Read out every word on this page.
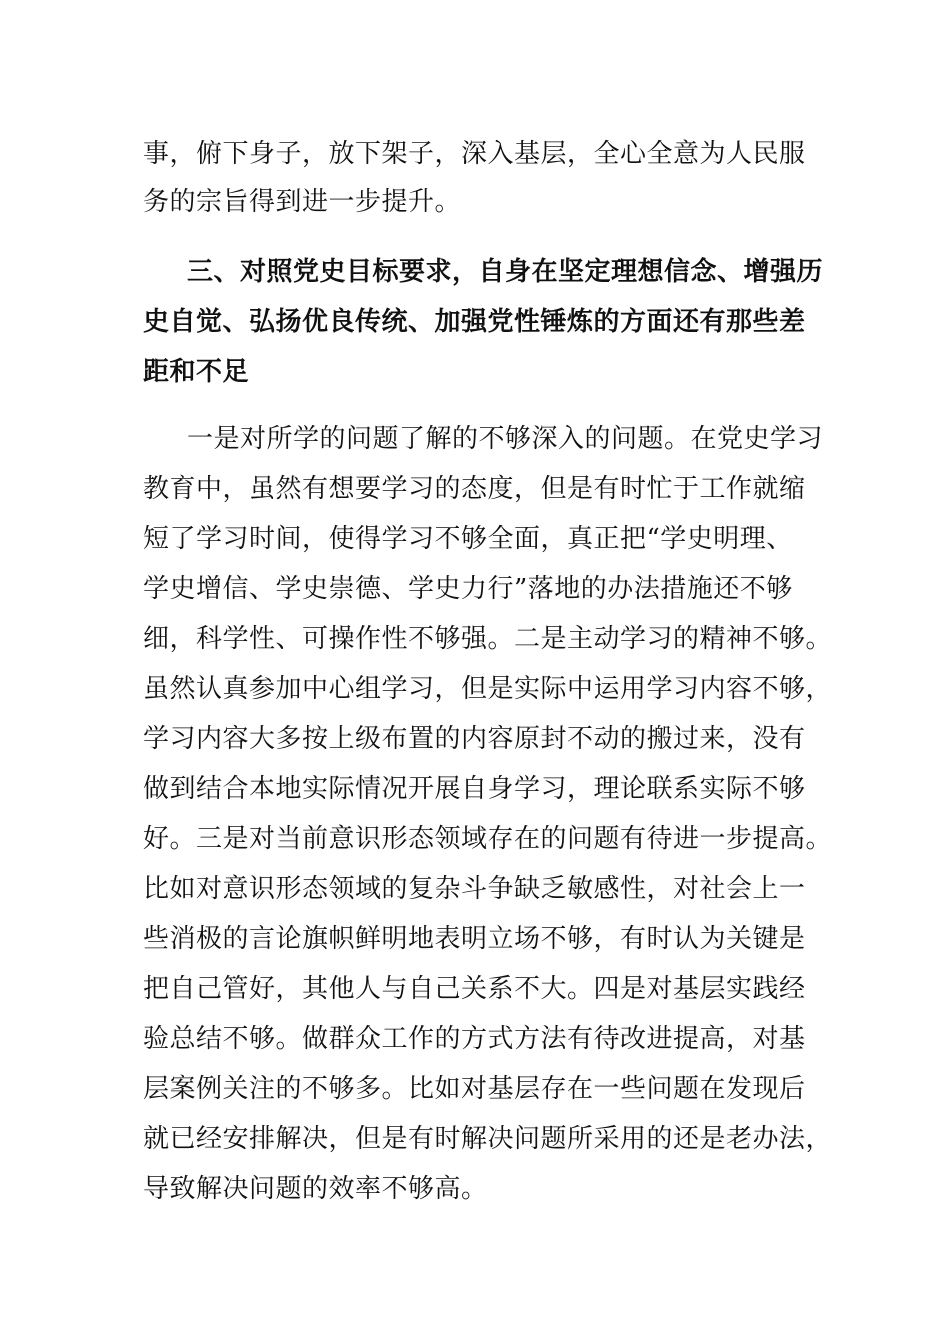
事，俯下身子，放下架子，深入基层，全心全意为人民服
务的宗旨得到进一步提升。
三、对照党史目标要求，自身在坚定理想信念、增强历
史自觉、弘扬优良传统、加强党性锤炼的方面还有那些差
距和不足
一是对所学的问题了解的不够深入的问题。在党史学习
教育中，虽然有想要学习的态度，但是有时忙于工作就缩
短了学习时间，使得学习不够全面，真正把“学史明理、
学史增信、学史崇德、学史力行”落地的办法措施还不够
细，科学性、可操作性不够强。二是主动学习的精神不够。
虽然认真参加中心组学习，但是实际中运用学习内容不够，
学习内容大多按上级布置的内容原封不动的搬过来，没有
做到结合本地实际情况开展自身学习，理论联系实际不够
好。三是对当前意识形态领域存在的问题有待进一步提高。
比如对意识形态领域的复杂斗争缺乏敏感性，对社会上一
些消极的言论旗帜鲜明地表明立场不够，有时认为关键是
把自己管好，其他人与自己关系不大。四是对基层实践经
验总结不够。做群众工作的方式方法有待改进提高，对基
层案例关注的不够多。比如对基层存在一些问题在发现后
就已经安排解决，但是有时解决问题所采用的还是老办法，
导致解决问题的效率不够高。
